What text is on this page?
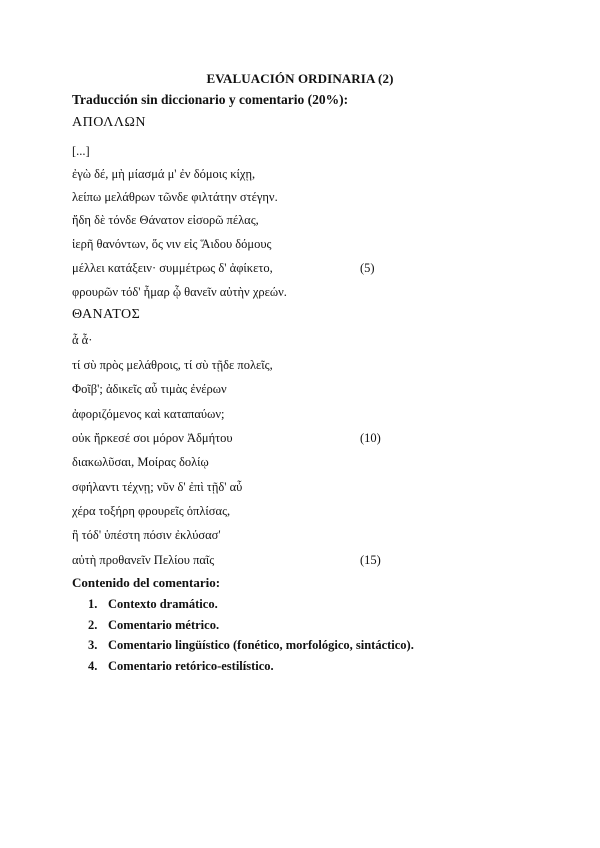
EVALUACIÓN ORDINARIA (2)
Traducción sin diccionario y comentario (20%):
ΑΠΟΛΛΩΝ
[...]
ἐγὼ δέ, μὴ μίασμά μ' ἐν δόμοις κίχῃ,
λείπω μελάθρων τῶνδε φιλτάτην στέγην.
ἤδη δὲ τόνδε Θάνατον εἰσορῶ πέλας,
ἱερῆ θανόντων, ὅς νιν εἰς Ἅιδου δόμους
μέλλει κατάξειν· συμμέτρως δ' ἀφίκετο,	(5)
φρουρῶν τόδ' ἦμαρ ᾧ θανεῖν αὐτὴν χρεών.
ΘΑΝΑΤΟΣ
ἆ ἆ·
τί σὺ πρὸς μελάθροις, τί σὺ τῇδε πολεῖς,
Φοῖβ'; ἀδικεῖς αὖ τιμὰς ἐνέρων
ἀφοριζόμενος καὶ καταπαύων;
οὐκ ἤρκεσέ σοι μόρον Ἀδμήτου	(10)
διακωλῦσαι, Μοίρας δολίῳ
σφήλαντι τέχνῃ; νῦν δ' ἐπὶ τῇδ' αὖ
χέρα τοξήρη φρουρεῖς ὁπλίσας,
ἣ τόδ' ὑπέστη πόσιν ἐκλύσασ'
αὐτὴ προθανεῖν Πελίου παῖς	(15)
Contenido del comentario:
1. Contexto dramático.
2. Comentario métrico.
3. Comentario lingüístico (fonético, morfológico, sintáctico).
4. Comentario retórico-estilístico.
